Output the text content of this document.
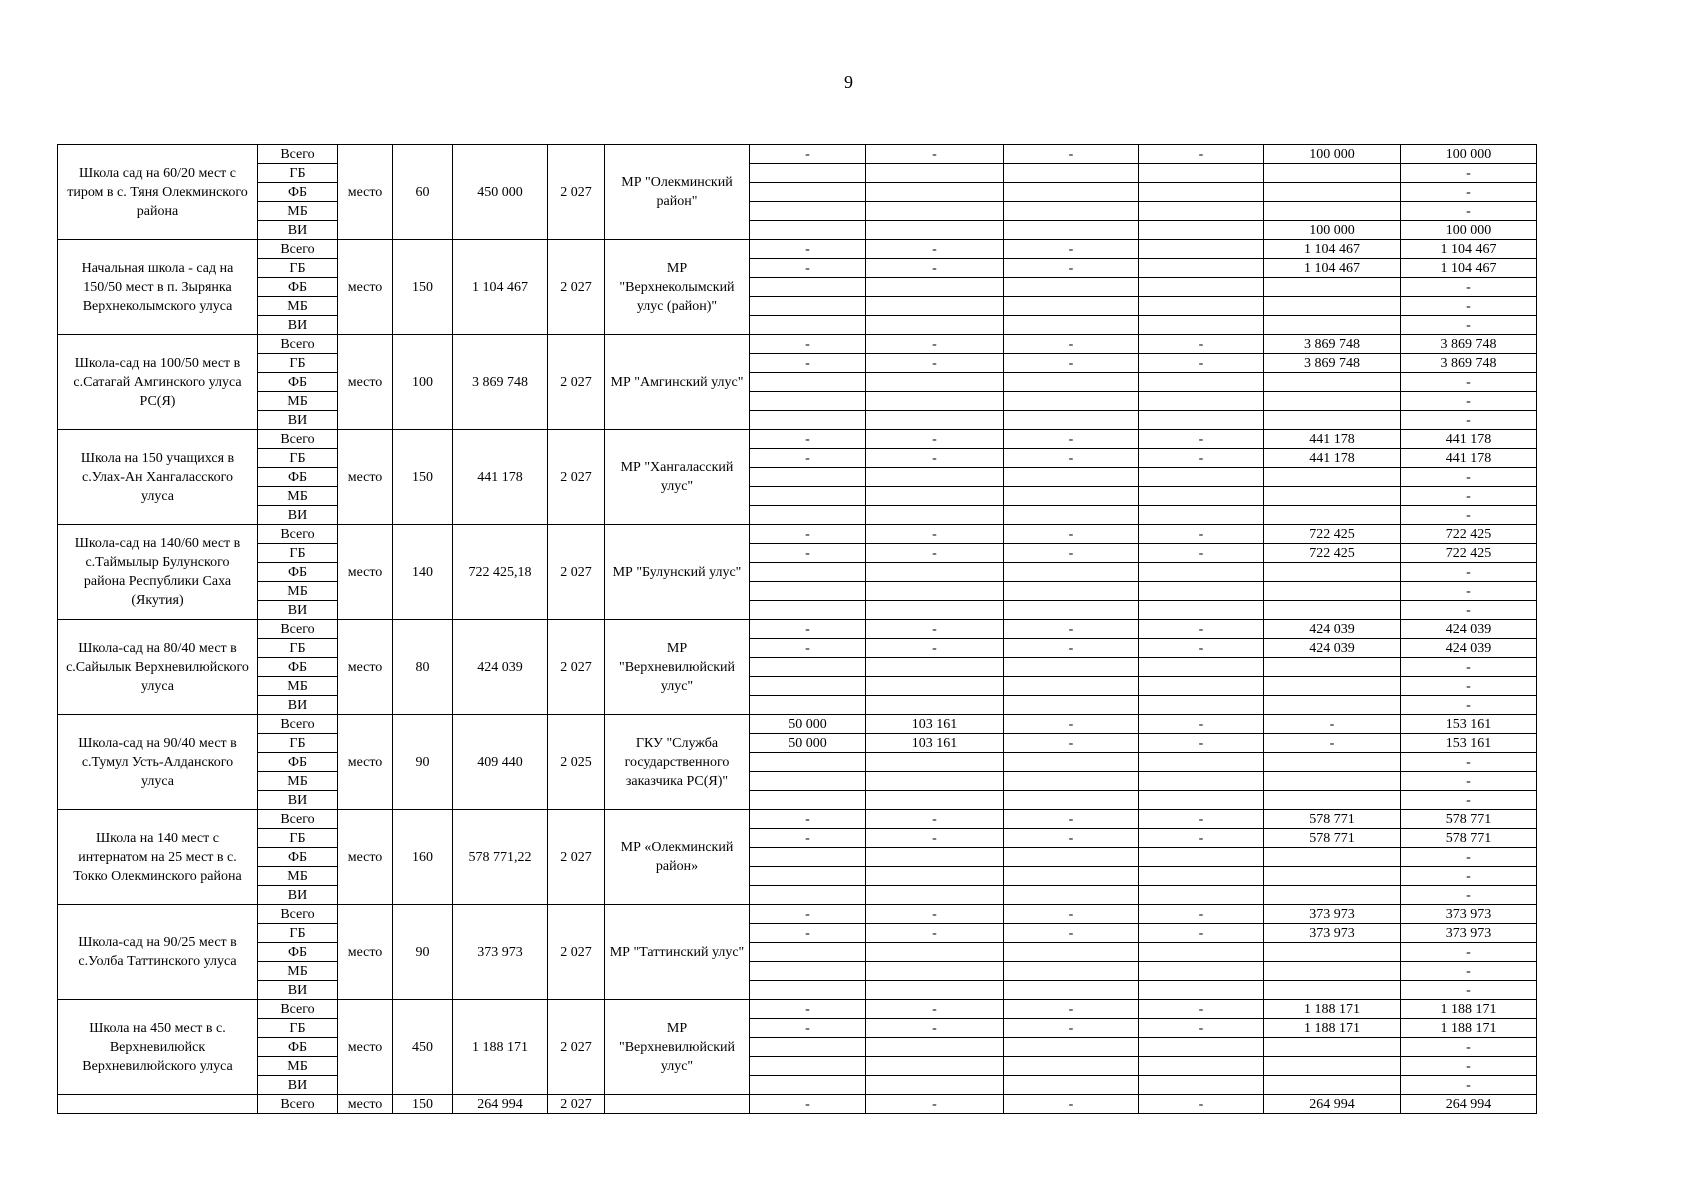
9
Школа сад на 60/20 мест с тиром в с. Тяня Олекминского района	Всего	место	60	450 000	2 027	МР "Олекминский район"	-	-	-	-	100 000	100 000
	ГБ											-
	ФБ											-
	МБ											-
	ВИ										100 000	100 000
Начальная школа - сад на 150/50 мест в п. Зырянка Верхнеколымского улуса	Всего	место	150	1 104 467	2 027	МР "Верхнеколымский улус (район)"	-	-	-		1 104 467	1 104 467
	ГБ						-	-	-		1 104 467	1 104 467
	ФБ											-
	МБ											-
	ВИ											-
Школа-сад на 100/50 мест в с.Сатагай Амгинского улуса РС(Я)	Всего	место	100	3 869 748	2 027	МР "Амгинский улус"	-	-	-	-	3 869 748	3 869 748
	ГБ						-	-	-	-	3 869 748	3 869 748
	ФБ											-
	МБ											-
	ВИ											-
Школа на 150 учащихся в с.Улах-Ан Хангаласского улуса	Всего	место	150	441 178	2 027	МР "Хангаласский улус"	-	-	-	-	441 178	441 178
	ГБ						-	-	-	-	441 178	441 178
	ФБ											-
	МБ											-
	ВИ											-
Школа-сад на 140/60 мест в с.Таймылыр Булунского района Республики Саха (Якутия)	Всего	место	140	722 425,18	2 027	МР "Булунский улус"	-	-	-	-	722 425	722 425
	ГБ						-	-	-	-	722 425	722 425
	ФБ											-
	МБ											-
	ВИ											-
Школа-сад на 80/40 мест в с.Сайылык Верхневилюйского улуса	Всего	место	80	424 039	2 027	МР "Верхневилюйский улус"	-	-	-	-	424 039	424 039
	ГБ						-	-	-	-	424 039	424 039
	ФБ											-
	МБ											-
	ВИ											-
Школа-сад на 90/40 мест в с.Тумул Усть-Алданского улуса	Всего	место	90	409 440	2 025	ГКУ "Служба государственного заказчика РС(Я)"	50 000	103 161	-	-	-	153 161
	ГБ						50 000	103 161	-	-	-	153 161
	ФБ											-
	МБ											-
	ВИ											-
Школа на 140 мест с интернатом на 25 мест в с. Токко Олекминского района	Всего	место	160	578 771,22	2 027	МР «Олекминский район»	-	-	-	-	578 771	578 771
	ГБ						-	-	-	-	578 771	578 771
	ФБ											-
	МБ											-
	ВИ											-
Школа-сад на 90/25 мест в с.Уолба Таттинского улуса	Всего	место	90	373 973	2 027	МР "Таттинский улус"	-	-	-	-	373 973	373 973
	ГБ						-	-	-	-	373 973	373 973
	ФБ											-
	МБ											-
	ВИ											-
Школа на 450 мест в с. Верхневилюйск Верхневилюйского улуса	Всего	место	450	1 188 171	2 027	МР "Верхневилюйский улус"	-	-	-	-	1 188 171	1 188 171
	ГБ						-	-	-	-	1 188 171	1 188 171
	ФБ											-
	МБ											-
	ВИ											-
	Всего	место	150	264 994	2 027		-	-	-	-	264 994	264 994
